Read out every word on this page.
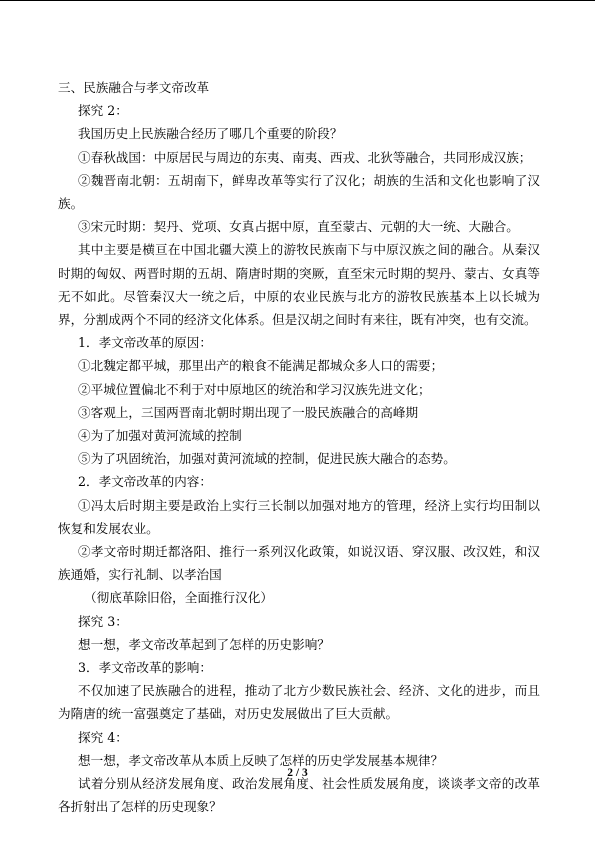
三、民族融合与孝文帝改革

探究 2：

我国历史上民族融合经历了哪几个重要的阶段？

①春秋战国：中原居民与周边的东夷、南夷、西戎、北狄等融合，共同形成汉族；

②魏晋南北朝：五胡南下，鲜卑改革等实行了汉化；胡族的生活和文化也影响了汉族。

③宋元时期：契丹、党项、女真占据中原，直至蒙古、元朝的大一统、大融合。

其中主要是横亘在中国北疆大漠上的游牧民族南下与中原汉族之间的融合。从秦汉时期的匈奴、两晋时期的五胡、隋唐时期的突厥，直至宋元时期的契丹、蒙古、女真等无不如此。尽管秦汉大一统之后，中原的农业民族与北方的游牧民族基本上以长城为界，分割成两个不同的经济文化体系。但是汉胡之间时有来往，既有冲突，也有交流。

1．孝文帝改革的原因：

①北魏定都平城，那里出产的粮食不能满足都城众多人口的需要；

②平城位置偏北不利于对中原地区的统治和学习汉族先进文化；

③客观上，三国两晋南北朝时期出现了一股民族融合的高峰期

④为了加强对黄河流域的控制

⑤为了巩固统治，加强对黄河流域的控制，促进民族大融合的态势。

2．孝文帝改革的内容：

①冯太后时期主要是政治上实行三长制以加强对地方的管理，经济上实行均田制以恢复和发展农业。

②孝文帝时期迁都洛阳、推行一系列汉化政策，如说汉语、穿汉服、改汉姓，和汉族通婚，实行礼制、以孝治国

（彻底革除旧俗，全面推行汉化）

探究 3：

想一想，孝文帝改革起到了怎样的历史影响？

3．孝文帝改革的影响：

不仅加速了民族融合的进程，推动了北方少数民族社会、经济、文化的进步，而且为隋唐的统一富强奠定了基础，对历史发展做出了巨大贡献。

探究 4：

想一想，孝文帝改革从本质上反映了怎样的历史学发展基本规律？

试着分别从经济发展角度、政治发展角度、社会性质发展角度，谈谈孝文帝的改革各折射出了怎样的历史现象？

2 / 3
